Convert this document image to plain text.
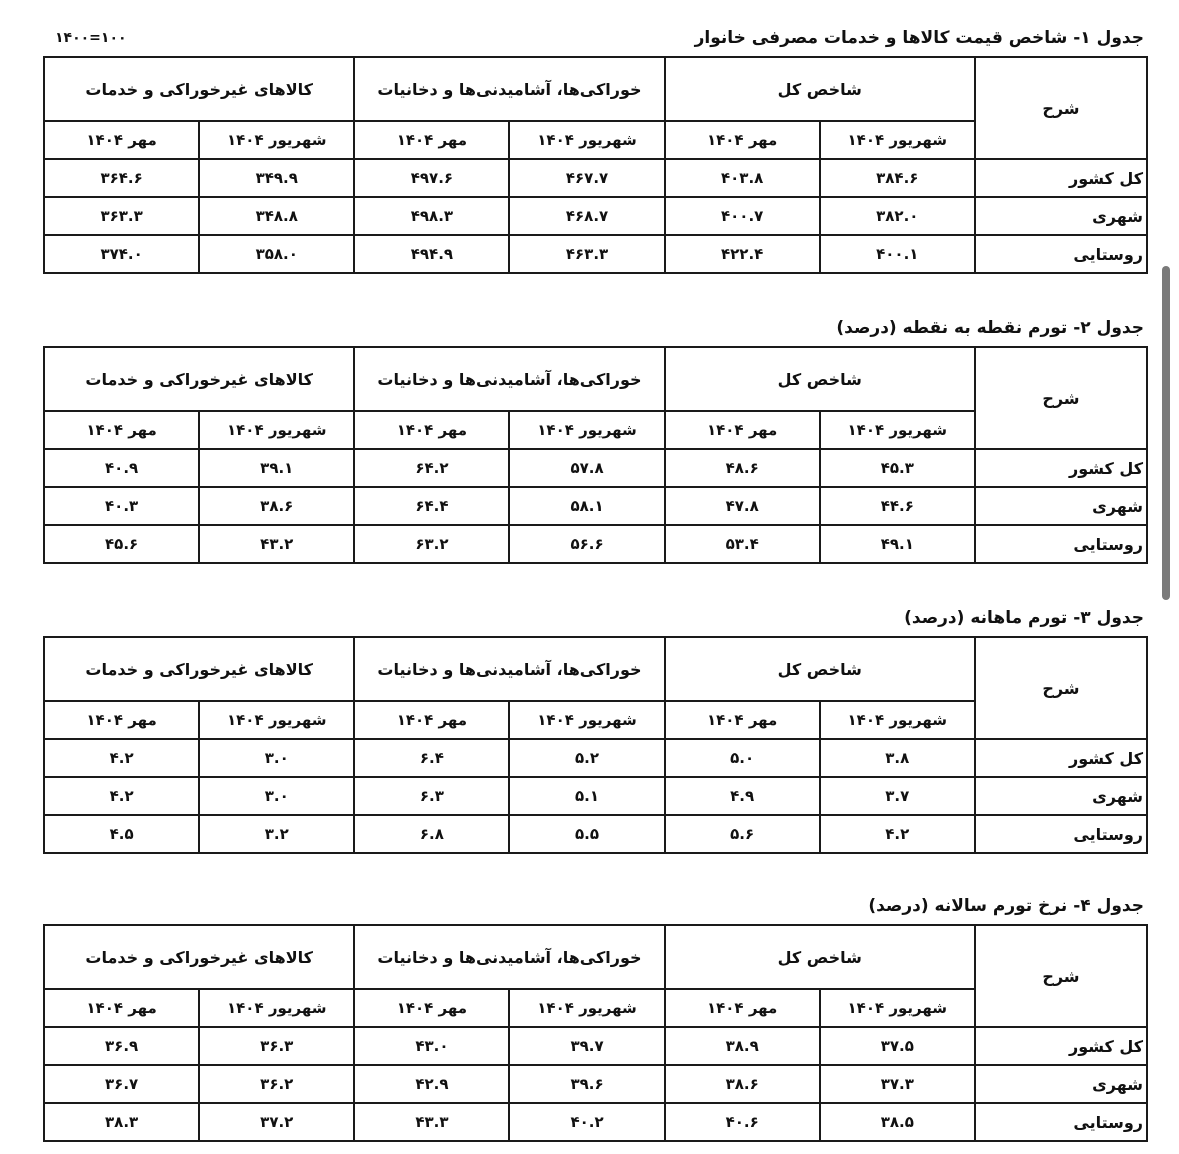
جدول ۱- شاخص قیمت کالاها و خدمات مصرفی خانوار
۱۴۰۰=۱۰۰
شرح	شاخص کل		خوراکی‌ها، آشامیدنی‌ها و دخانیات		کالاهای غیرخوراکی و خدمات	
	شهریور ۱۴۰۴	مهر ۱۴۰۴	شهریور ۱۴۰۴	مهر ۱۴۰۴	شهریور ۱۴۰۴	مهر ۱۴۰۴
کل کشور	۳۸۴.۶	۴۰۳.۸	۴۶۷.۷	۴۹۷.۶	۳۴۹.۹	۳۶۴.۶
شهری	۳۸۲.۰	۴۰۰.۷	۴۶۸.۷	۴۹۸.۳	۳۴۸.۸	۳۶۳.۳
روستایی	۴۰۰.۱	۴۲۲.۴	۴۶۳.۳	۴۹۴.۹	۳۵۸.۰	۳۷۴.۰
جدول ۲- تورم نقطه به نقطه (درصد)
شرح	شاخص کل		خوراکی‌ها، آشامیدنی‌ها و دخانیات		کالاهای غیرخوراکی و خدمات	
	شهریور ۱۴۰۴	مهر ۱۴۰۴	شهریور ۱۴۰۴	مهر ۱۴۰۴	شهریور ۱۴۰۴	مهر ۱۴۰۴
کل کشور	۴۵.۳	۴۸.۶	۵۷.۸	۶۴.۲	۳۹.۱	۴۰.۹
شهری	۴۴.۶	۴۷.۸	۵۸.۱	۶۴.۴	۳۸.۶	۴۰.۳
روستایی	۴۹.۱	۵۳.۴	۵۶.۶	۶۳.۲	۴۳.۲	۴۵.۶
جدول ۳- تورم ماهانه (درصد)
شرح	شاخص کل		خوراکی‌ها، آشامیدنی‌ها و دخانیات		کالاهای غیرخوراکی و خدمات	
	شهریور ۱۴۰۴	مهر ۱۴۰۴	شهریور ۱۴۰۴	مهر ۱۴۰۴	شهریور ۱۴۰۴	مهر ۱۴۰۴
کل کشور	۳.۸	۵.۰	۵.۲	۶.۴	۳.۰	۴.۲
شهری	۳.۷	۴.۹	۵.۱	۶.۳	۳.۰	۴.۲
روستایی	۴.۲	۵.۶	۵.۵	۶.۸	۳.۲	۴.۵
جدول ۴- نرخ تورم سالانه (درصد)
شرح	شاخص کل		خوراکی‌ها، آشامیدنی‌ها و دخانیات		کالاهای غیرخوراکی و خدمات	
	شهریور ۱۴۰۴	مهر ۱۴۰۴	شهریور ۱۴۰۴	مهر ۱۴۰۴	شهریور ۱۴۰۴	مهر ۱۴۰۴
کل کشور	۳۷.۵	۳۸.۹	۳۹.۷	۴۳.۰	۳۶.۳	۳۶.۹
شهری	۳۷.۳	۳۸.۶	۳۹.۶	۴۲.۹	۳۶.۲	۳۶.۷
روستایی	۳۸.۵	۴۰.۶	۴۰.۲	۴۳.۳	۳۷.۲	۳۸.۳
